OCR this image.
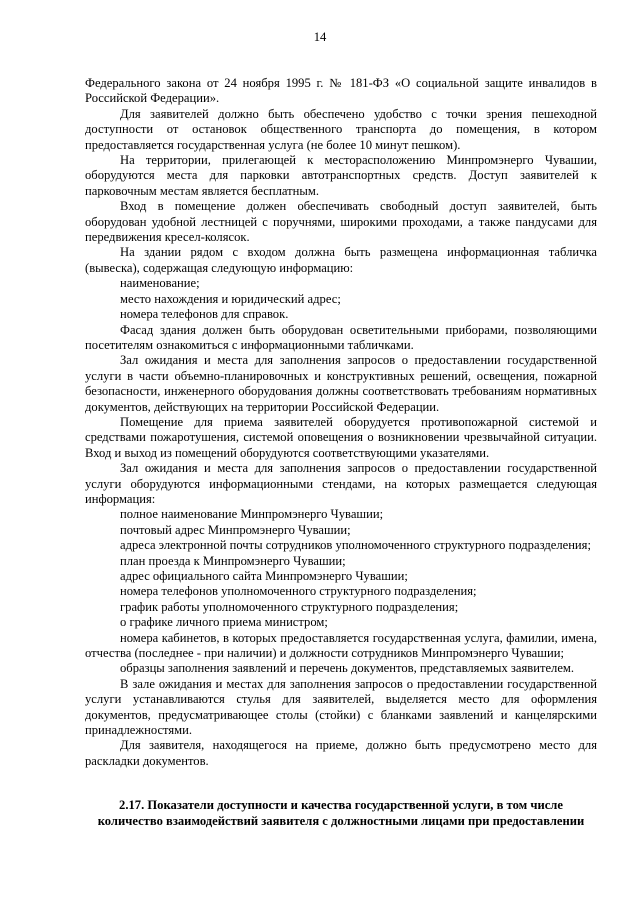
14

Федерального закона от 24 ноября 1995 г. № 181-ФЗ «О социальной защите инвалидов в Российской Федерации».

Для заявителей должно быть обеспечено удобство с точки зрения пешеходной доступности от остановок общественного транспорта до помещения, в котором предоставляется государственная услуга (не более 10 минут пешком).

На территории, прилегающей к месторасположению Минпромэнерго Чувашии, оборудуются места для парковки автотранспортных средств. Доступ заявителей к парковочным местам является бесплатным.

Вход в помещение должен обеспечивать свободный доступ заявителей, быть оборудован удобной лестницей с поручнями, широкими проходами, а также пандусами для передвижения кресел-колясок.

На здании рядом с входом должна быть размещена информационная табличка (вывеска), содержащая следующую информацию:

наименование;

место нахождения и юридический адрес;

номера телефонов для справок.

Фасад здания должен быть оборудован осветительными приборами, позволяющими посетителям ознакомиться с информационными табличками.

Зал ожидания и места для заполнения запросов о предоставлении государственной услуги в части объемно-планировочных и конструктивных решений, освещения, пожарной безопасности, инженерного оборудования должны соответствовать требованиям нормативных документов, действующих на территории Российской Федерации.

Помещение для приема заявителей оборудуется противопожарной системой и средствами пожаротушения, системой оповещения о возникновении чрезвычайной ситуации. Вход и выход из помещений оборудуются соответствующими указателями.

Зал ожидания и места для заполнения запросов о предоставлении государственной услуги оборудуются информационными стендами, на которых размещается следующая информация:

полное наименование Минпромэнерго Чувашии;

почтовый адрес Минпромэнерго Чувашии;

адреса электронной почты сотрудников уполномоченного структурного подразделения;

план проезда к Минпромэнерго Чувашии;

адрес официального сайта Минпромэнерго Чувашии;

номера телефонов уполномоченного структурного подразделения;

график работы уполномоченного структурного подразделения;

о графике личного приема министром;

номера кабинетов, в которых предоставляется государственная услуга, фамилии, имена, отчества (последнее - при наличии) и должности сотрудников Минпромэнерго Чувашии;

образцы заполнения заявлений и перечень документов, представляемых заявителем.

В зале ожидания и местах для заполнения запросов о предоставлении государственной услуги устанавливаются стулья для заявителей, выделяется место для оформления документов, предусматривающее столы (стойки) с бланками заявлений и канцелярскими принадлежностями.

Для заявителя, находящегося на приеме, должно быть предусмотрено место для раскладки документов.

2.17. Показатели доступности и качества государственной услуги, в том числе количество взаимодействий заявителя с должностными лицами при предоставлении
